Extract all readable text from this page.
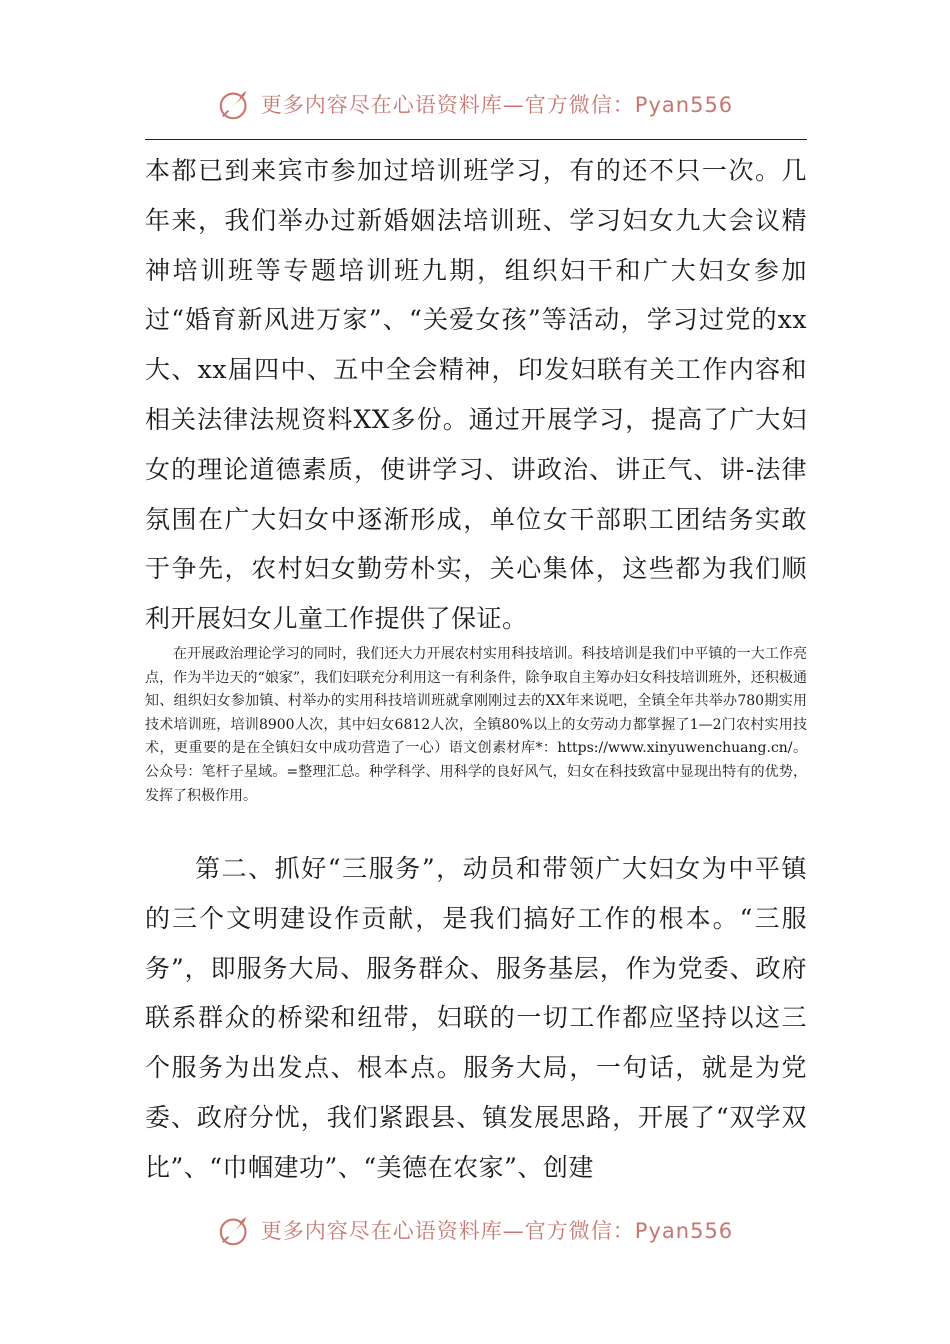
更多内容尽在心语资料库—官方微信：Pyan556

本都已到来宾市参加过培训班学习，有的还不只一次。几年来，我们举办过新婚姻法培训班、学习妇女九大会议精神培训班等专题培训班九期，组织妇干和广大妇女参加过“婚育新风进万家”、“关爱女孩”等活动，学习过党的xx大、xx届四中、五中全会精神，印发妇联有关工作内容和相关法律法规资料XX多份。通过开展学习，提高了广大妇女的理论道德素质，使讲学习、讲政治、讲正气、讲-法律氛围在广大妇女中逐渐形成，单位女干部职工团结务实敢于争先，农村妇女勤劳朴实，关心集体，这些都为我们顺利开展妇女儿童工作提供了保证。

在开展政治理论学习的同时，我们还大力开展农村实用科技培训。科技培训是我们中平镇的一大工作亮点，作为半边天的“娘家”，我们妇联充分利用这一有利条件，除争取自主筹办妇女科技培训班外，还积极通知、组织妇女参加镇、村举办的实用科技培训班就拿刚刚过去的XX年来说吧，全镇全年共举办780期实用技术培训班，培训8900人次，其中妇女6812人次，全镇80%以上的女劳动力都掌握了1—2门农村实用技术，更重要的是在全镇妇女中成功营造了一心）语文创素材库*：https://www.xinyuwenchuang.cn/。公众号：笔杆子星域。=整理汇总。种学科学、用科学的良好风气，妇女在科技致富中显现出特有的优势，发挥了积极作用。

第二、抓好“三服务”，动员和带领广大妇女为中平镇的三个文明建设作贡献，是我们搞好工作的根本。“三服务”，即服务大局、服务群众、服务基层，作为党委、政府联系群众的桥梁和纽带，妇联的一切工作都应坚持以这三个服务为出发点、根本点。服务大局，一句话，就是为党委、政府分忧，我们紧跟县、镇发展思路，开展了“双学双比”、“巾帼建功”、“美德在农家”、创建

更多内容尽在心语资料库—官方微信：Pyan556
